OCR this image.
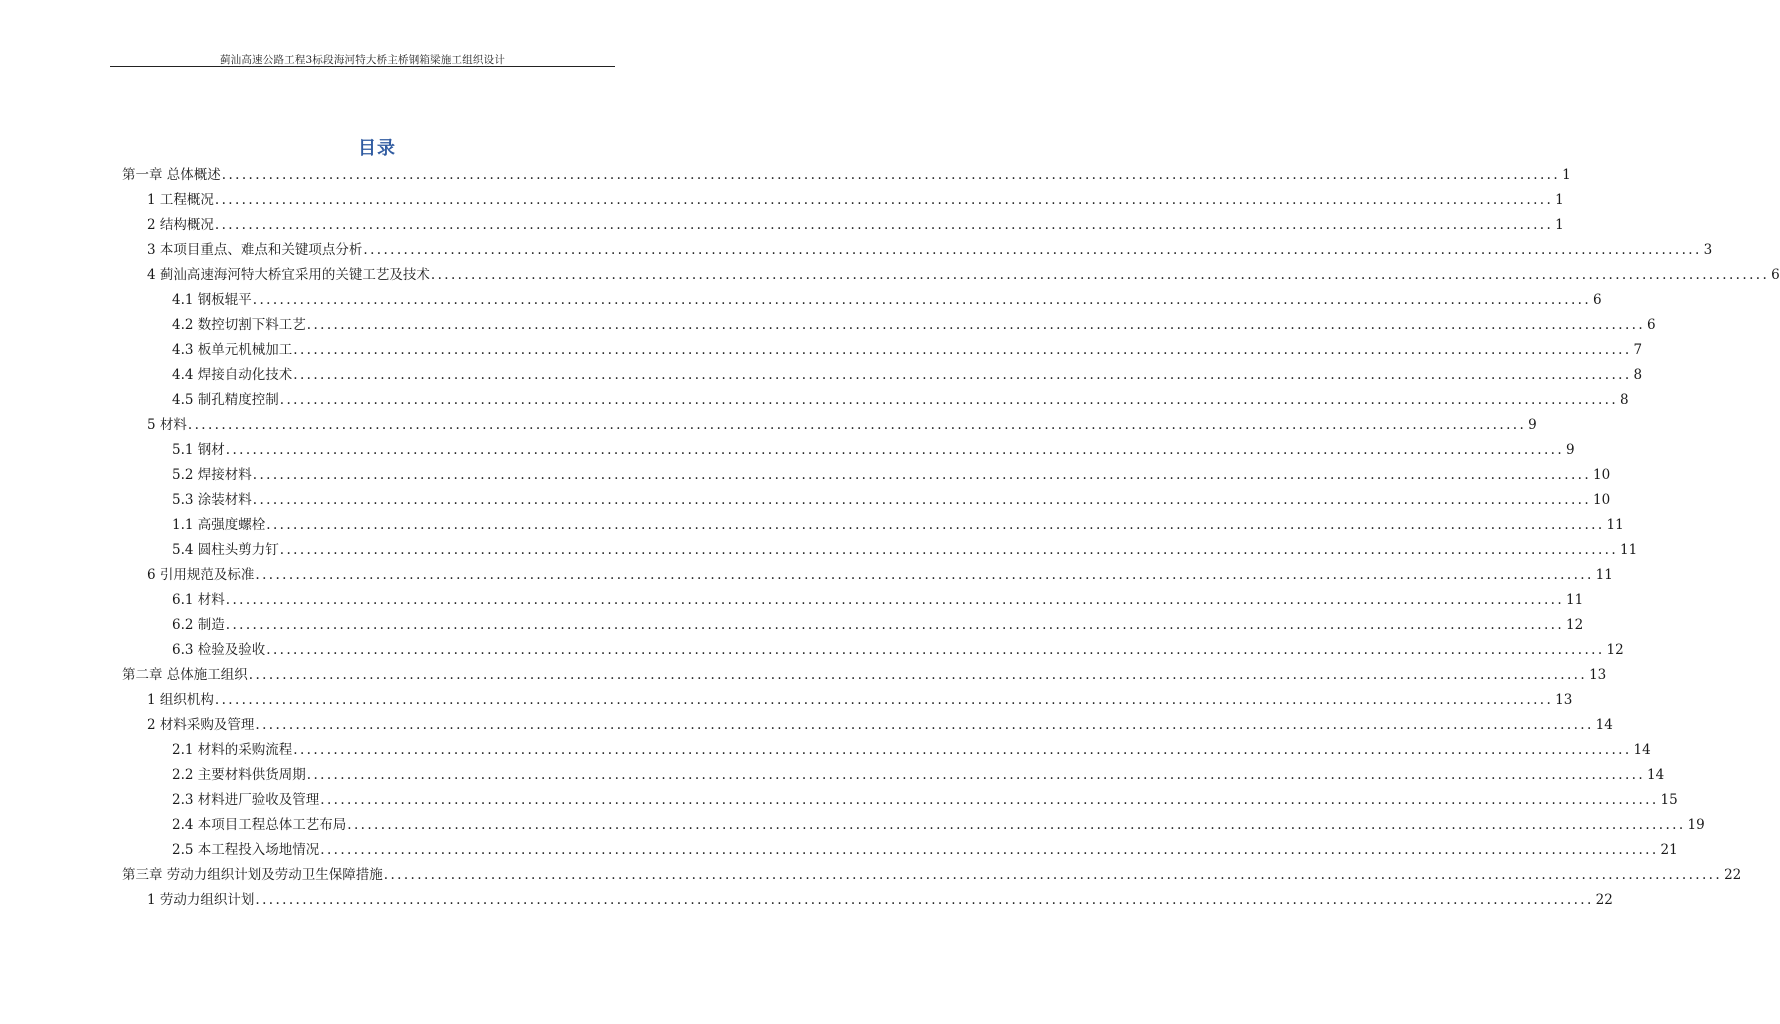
蓟汕高速公路工程3标段海河特大桥主桥钢箱梁施工组织设计
目录
第一章 总体概述 ........................................................................................................................................................................................................ 1
1 工程概况 ........................................................................................................................................................................................................ 1
2 结构概况 ........................................................................................................................................................................................................ 1
3 本项目重点、难点和关键项点分析 ........................................................................................................................................................................................................ 3
4 蓟汕高速海河特大桥宜采用的关键工艺及技术 ........................................................................................................................................................................................................ 6
4.1 钢板辊平 ........................................................................................................................................................................................................ 6
4.2 数控切割下料工艺 ........................................................................................................................................................................................................ 6
4.3 板单元机械加工 ........................................................................................................................................................................................................ 7
4.4 焊接自动化技术 ........................................................................................................................................................................................................ 8
4.5 制孔精度控制 ........................................................................................................................................................................................................ 8
5 材料 ........................................................................................................................................................................................................ 9
5.1 钢材 ........................................................................................................................................................................................................ 9
5.2 焊接材料 ........................................................................................................................................................................................................ 10
5.3 涂装材料 ........................................................................................................................................................................................................ 10
1.1 高强度螺栓 ........................................................................................................................................................................................................ 11
5.4 圆柱头剪力钉 ........................................................................................................................................................................................................ 11
6 引用规范及标准 ........................................................................................................................................................................................................ 11
6.1 材料 ........................................................................................................................................................................................................ 11
6.2 制造 ........................................................................................................................................................................................................ 12
6.3 检验及验收 ........................................................................................................................................................................................................ 12
第二章 总体施工组织 ........................................................................................................................................................................................................ 13
1 组织机构 ........................................................................................................................................................................................................ 13
2 材料采购及管理 ........................................................................................................................................................................................................ 14
2.1 材料的采购流程 ........................................................................................................................................................................................................ 14
2.2 主要材料供货周期 ........................................................................................................................................................................................................ 14
2.3 材料进厂验收及管理 ........................................................................................................................................................................................................ 15
2.4 本项目工程总体工艺布局 ........................................................................................................................................................................................................ 19
2.5 本工程投入场地情况 ........................................................................................................................................................................................................ 21
第三章 劳动力组织计划及劳动卫生保障措施 ........................................................................................................................................................................................................ 22
1 劳动力组织计划 ........................................................................................................................................................................................................ 22
